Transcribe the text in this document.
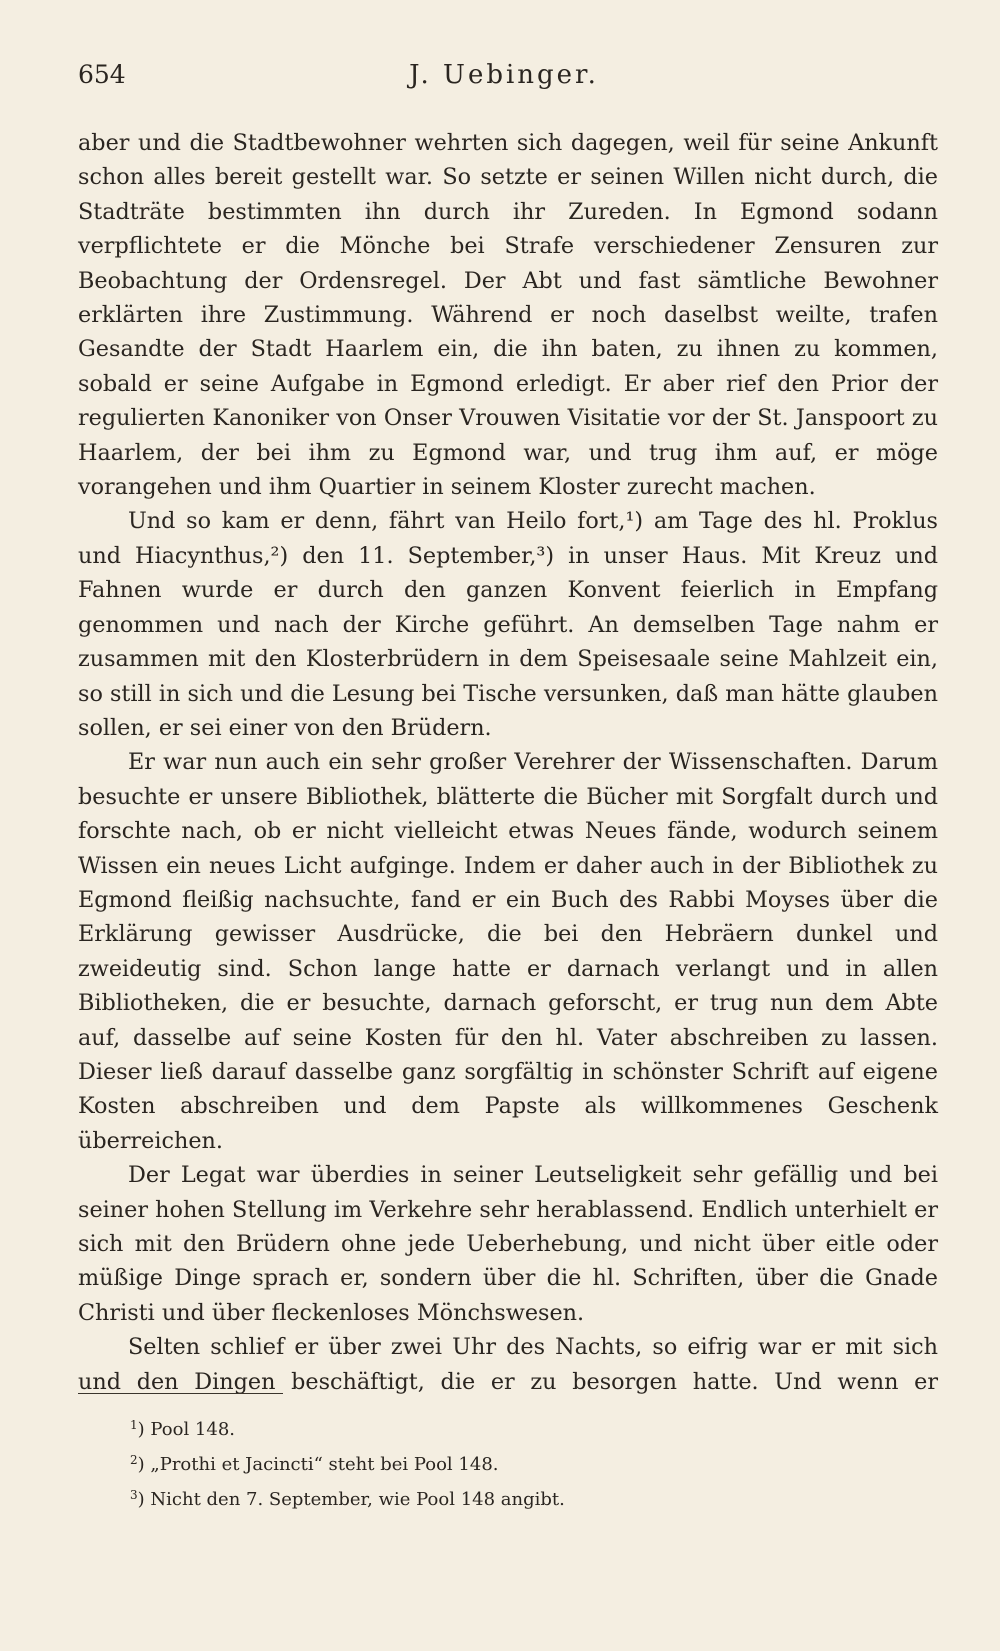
654	J. Uebinger.

aber und die Stadtbewohner wehrten sich dagegen, weil für seine Ankunft schon alles bereit gestellt war. So setzte er seinen Willen nicht durch, die Stadträte bestimmten ihn durch ihr Zureden. In Egmond sodann verpflichtete er die Mönche bei Strafe verschiedener Zensuren zur Beobachtung der Ordensregel. Der Abt und fast sämtliche Bewohner erklärten ihre Zustimmung. Während er noch daselbst weilte, trafen Gesandte der Stadt Haarlem ein, die ihn baten, zu ihnen zu kommen, sobald er seine Aufgabe in Egmond erledigt. Er aber rief den Prior der regulierten Kanoniker von Onser Vrouwen Visitatie vor der St. Janspoort zu Haarlem, der bei ihm zu Egmond war, und trug ihm auf, er möge vorangehen und ihm Quartier in seinem Kloster zurecht machen.

Und so kam er denn, fährt van Heilo fort,¹) am Tage des hl. Proklus und Hiacynthus,²) den 11. September,³) in unser Haus. Mit Kreuz und Fahnen wurde er durch den ganzen Konvent feierlich in Empfang genommen und nach der Kirche geführt. An demselben Tage nahm er zusammen mit den Klosterbrüdern in dem Speisesaale seine Mahlzeit ein, so still in sich und die Lesung bei Tische versunken, daß man hätte glauben sollen, er sei einer von den Brüdern.

Er war nun auch ein sehr großer Verehrer der Wissenschaften. Darum besuchte er unsere Bibliothek, blätterte die Bücher mit Sorgfalt durch und forschte nach, ob er nicht vielleicht etwas Neues fände, wodurch seinem Wissen ein neues Licht aufginge. Indem er daher auch in der Bibliothek zu Egmond fleißig nachsuchte, fand er ein Buch des Rabbi Moyses über die Erklärung gewisser Ausdrücke, die bei den Hebräern dunkel und zweideutig sind. Schon lange hatte er darnach verlangt und in allen Bibliotheken, die er besuchte, darnach geforscht, er trug nun dem Abte auf, dasselbe auf seine Kosten für den hl. Vater abschreiben zu lassen. Dieser ließ darauf dasselbe ganz sorgfältig in schönster Schrift auf eigene Kosten abschreiben und dem Papste als willkommenes Geschenk überreichen.

Der Legat war überdies in seiner Leutseligkeit sehr gefällig und bei seiner hohen Stellung im Verkehre sehr herablassend. Endlich unterhielt er sich mit den Brüdern ohne jede Ueberhebung, und nicht über eitle oder müßige Dinge sprach er, sondern über die hl. Schriften, über die Gnade Christi und über fleckenloses Mönchswesen.

Selten schlief er über zwei Uhr des Nachts, so eifrig war er mit sich und den Dingen beschäftigt, die er zu besorgen hatte. Und wenn er

$^1$) Pool 148.

$^2$) „Prothi et Jacincti“ steht bei Pool 148.

$^3$) Nicht den 7. September, wie Pool 148 angibt.
